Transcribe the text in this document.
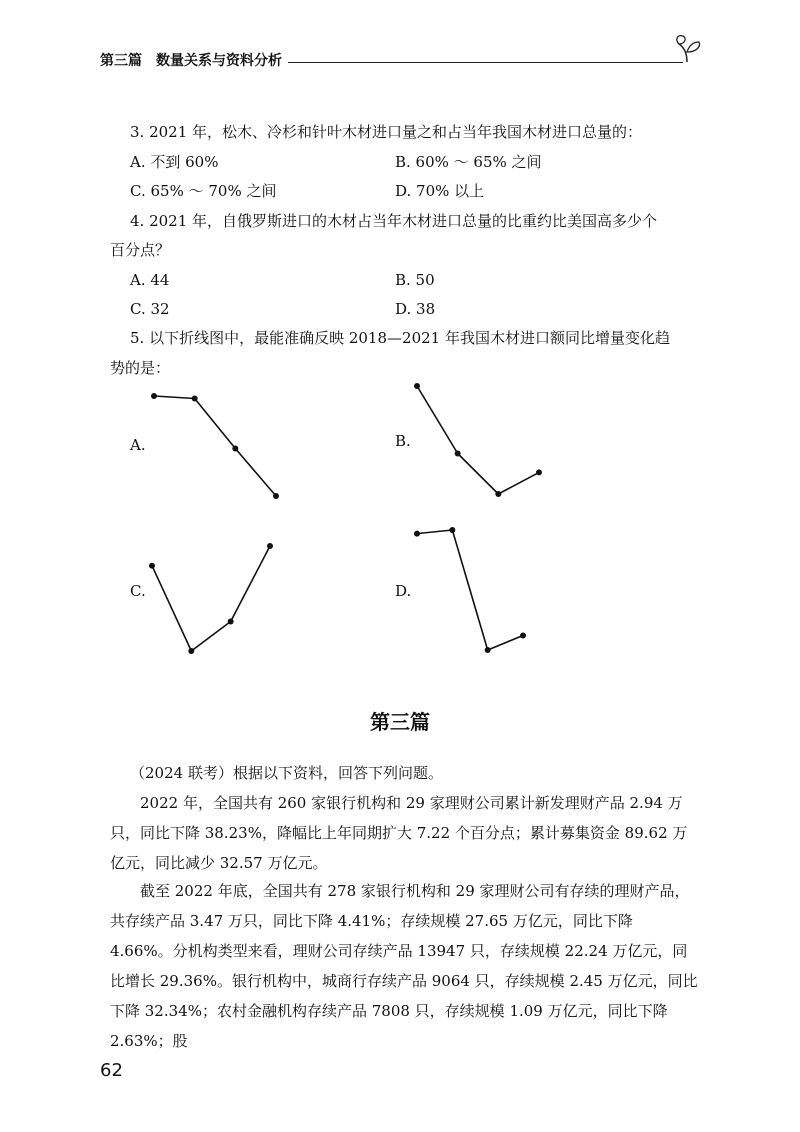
第三篇　数量关系与资料分析
3. 2021 年，松木、冷杉和针叶木材进口量之和占当年我国木材进口总量的：
A. 不到 60%	B. 60% ～ 65% 之间
C. 65% ～ 70% 之间	D. 70% 以上
4. 2021 年，自俄罗斯进口的木材占当年木材进口总量的比重约比美国高多少个
百分点？
A. 44	B. 50
C. 32	D. 38
5. 以下折线图中，最能准确反映 2018—2021 年我国木材进口额同比增量变化趋
势的是：
A.	B.
C.	D.
第三篇
（2024 联考）根据以下资料，回答下列问题。
2022 年，全国共有 260 家银行机构和 29 家理财公司累计新发理财产品 2.94 万只，同比下降 38.23%，降幅比上年同期扩大 7.22 个百分点；累计募集资金 89.62 万亿元，同比减少 32.57 万亿元。
截至 2022 年底，全国共有 278 家银行机构和 29 家理财公司有存续的理财产品，共存续产品 3.47 万只，同比下降 4.41%；存续规模 27.65 万亿元，同比下降 4.66%。分机构类型来看，理财公司存续产品 13947 只，存续规模 22.24 万亿元，同比增长 29.36%。银行机构中，城商行存续产品 9064 只，存续规模 2.45 万亿元，同比下降 32.34%；农村金融机构存续产品 7808 只，存续规模 1.09 万亿元，同比下降 2.63%；股
62
